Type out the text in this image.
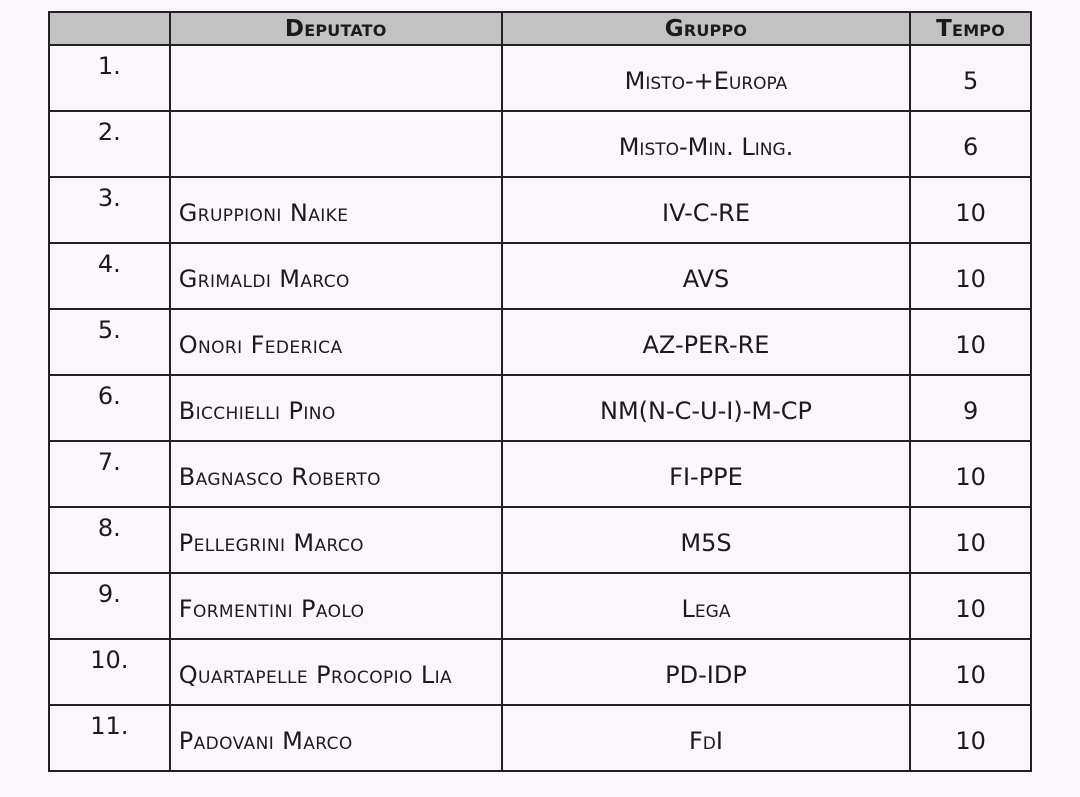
	Deputato	Gruppo	Tempo
1.		Misto-+Europa	5
2.		Misto-Min. Ling.	6
3.	Gruppioni Naike	IV-C-RE	10
4.	Grimaldi Marco	AVS	10
5.	Onori Federica	AZ-PER-RE	10
6.	Bicchielli Pino	NM(N-C-U-I)-M-CP	9
7.	Bagnasco Roberto	FI-PPE	10
8.	Pellegrini Marco	M5S	10
9.	Formentini Paolo	Lega	10
10.	Quartapelle Procopio Lia	PD-IDP	10
11.	Padovani Marco	FdI	10
